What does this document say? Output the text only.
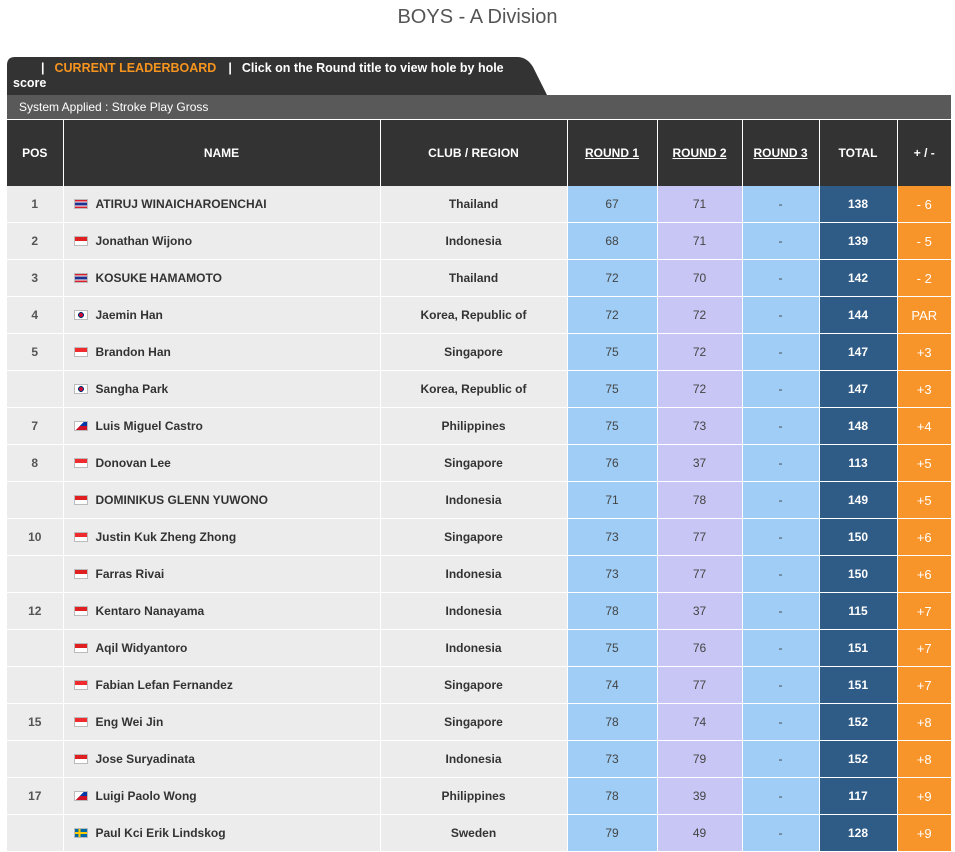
BOYS - A Division
| CURRENT LEADERBOARD | Click on the Round title to view hole by hole
score
System Applied : Stroke Play Gross
POS	NAME	CLUB / REGION	ROUND 1	ROUND 2	ROUND 3	TOTAL	+ / -
1	ATIRUJ WINAICHAROENCHAI	Thailand	67	71	-	138	- 6
2	Jonathan Wijono	Indonesia	68	71	-	139	- 5
3	KOSUKE HAMAMOTO	Thailand	72	70	-	142	- 2
4	Jaemin Han	Korea, Republic of	72	72	-	144	PAR
5	Brandon Han	Singapore	75	72	-	147	+3
	Sangha Park	Korea, Republic of	75	72	-	147	+3
7	Luis Miguel Castro	Philippines	75	73	-	148	+4
8	Donovan Lee	Singapore	76	37	-	113	+5
	DOMINIKUS GLENN YUWONO	Indonesia	71	78	-	149	+5
10	Justin Kuk Zheng Zhong	Singapore	73	77	-	150	+6
	Farras Rivai	Indonesia	73	77	-	150	+6
12	Kentaro Nanayama	Indonesia	78	37	-	115	+7
	Aqil Widyantoro	Indonesia	75	76	-	151	+7
	Fabian Lefan Fernandez	Singapore	74	77	-	151	+7
15	Eng Wei Jin	Singapore	78	74	-	152	+8
	Jose Suryadinata	Indonesia	73	79	-	152	+8
17	Luigi Paolo Wong	Philippines	78	39	-	117	+9
	Paul Kci Erik Lindskog	Sweden	79	49	-	128	+9
